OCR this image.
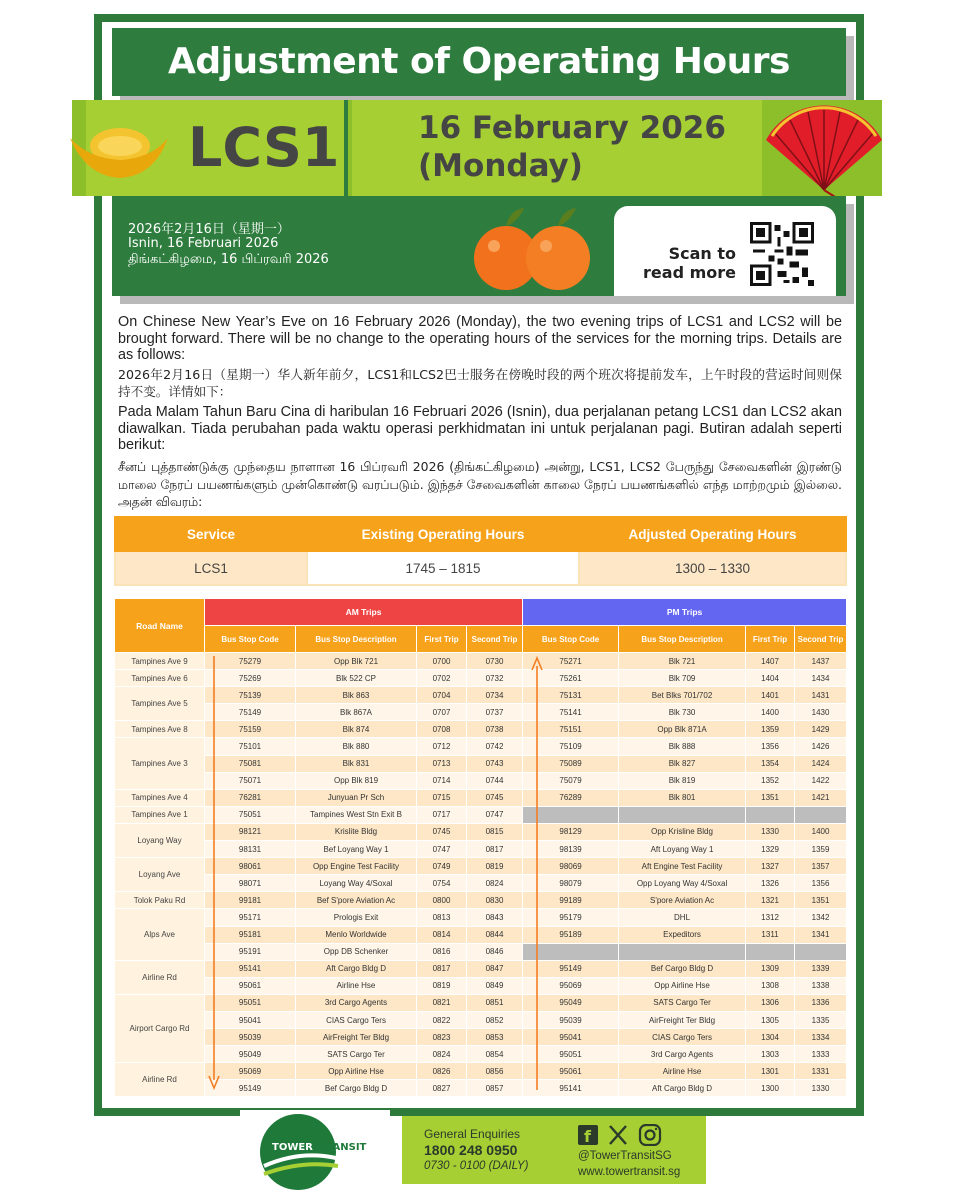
Adjustment of Operating Hours
LCS1	16 February 2026
(Monday)
2026年2月16日（星期一）
Isnin, 16 Februari 2026
திங்கட்கிழமை, 16 பிப்ரவரி 2026	Scan to
read more

On Chinese New Year’s Eve on 16 February 2026 (Monday), the two evening trips of LCS1 and LCS2 will be brought forward. There will be no change to the operating hours of the services for the morning trips. Details are as follows:

2026年2月16日（星期一）华人新年前夕，LCS1和LCS2巴士服务在傍晚时段的两个班次将提前发车，上午时段的营运时间则保持不变。详情如下：

Pada Malam Tahun Baru Cina di haribulan 16 Februari 2026 (Isnin), dua perjalanan petang LCS1 dan LCS2 akan diawalkan. Tiada perubahan pada waktu operasi perkhidmatan ini untuk perjalanan pagi. Butiran adalah seperti berikut:

சீனப் புத்தாண்டுக்கு முந்தைய நாளான 16 பிப்ரவரி 2026 (திங்கட்கிழமை) அன்று, LCS1, LCS2 பேருந்து சேவைகளின் இரண்டு மாலை நேரப் பயணங்களும் முன்கொண்டு வரப்படும். இந்தச் சேவைகளின் காலை நேரப் பயணங்களில் எந்த மாற்றமும் இல்லை. அதன் விவரம்:

Service	Existing Operating Hours	Adjusted Operating Hours
LCS1	1745 – 1815	1300 – 1330
Road Name	AM Trips				PM Trips			
	Bus Stop Code	Bus Stop Description	First Trip	Second Trip	Bus Stop Code	Bus Stop Description	First Trip	Second Trip
Tampines Ave 9	75279	Opp Blk 721	0700	0730	75271	Blk 721	1407	1437
Tampines Ave 6	75269	Blk 522 CP	0702	0732	75261	Blk 709	1404	1434
Tampines Ave 5	75139	Blk 863	0704	0734	75131	Bet Blks 701/702	1401	1431
	75149	Blk 867A	0707	0737	75141	Blk 730	1400	1430
Tampines Ave 8	75159	Blk 874	0708	0738	75151	Opp Blk 871A	1359	1429
Tampines Ave 3	75101	Blk 880	0712	0742	75109	Blk 888	1356	1426
	75081	Blk 831	0713	0743	75089	Blk 827	1354	1424
	75071	Opp Blk 819	0714	0744	75079	Blk 819	1352	1422
Tampines Ave 4	76281	Junyuan Pr Sch	0715	0745	76289	Blk 801	1351	1421
Tampines Ave 1	75051	Tampines West Stn Exit B	0717	0747				
Loyang Way	98121	Krislite Bldg	0745	0815	98129	Opp Krisline Bldg	1330	1400
	98131	Bef Loyang Way 1	0747	0817	98139	Aft Loyang Way 1	1329	1359
Loyang Ave	98061	Opp Engine Test Facility	0749	0819	98069	Aft Engine Test Facility	1327	1357
	98071	Loyang Way 4/Soxal	0754	0824	98079	Opp Loyang Way 4/Soxal	1326	1356
Tolok Paku Rd	99181	Bef S'pore Aviation Ac	0800	0830	99189	S'pore Aviation Ac	1321	1351
Alps Ave	95171	Prologis Exit	0813	0843	95179	DHL	1312	1342
	95181	Menlo Worldwide	0814	0844	95189	Expeditors	1311	1341
	95191	Opp DB Schenker	0816	0846				
Airline Rd	95141	Aft Cargo Bldg D	0817	0847	95149	Bef Cargo Bldg D	1309	1339
	95061	Airline Hse	0819	0849	95069	Opp Airline Hse	1308	1338
Airport Cargo Rd	95051	3rd Cargo Agents	0821	0851	95049	SATS Cargo Ter	1306	1336
	95041	CIAS Cargo Ters	0822	0852	95039	AirFreight Ter Bldg	1305	1335
	95039	AirFreight Ter Bldg	0823	0853	95041	CIAS Cargo Ters	1304	1334
	95049	SATS Cargo Ter	0824	0854	95051	3rd Cargo Agents	1303	1333
Airline Rd	95069	Opp Airline Hse	0826	0856	95061	Airline Hse	1301	1331
	95149	Bef Cargo Bldg D	0827	0857	95141	Aft Cargo Bldg D	1300	1330
TOWER TRANSIT
General Enquiries
1800 248 0950
0730 - 0100 (DAILY)
f
@TowerTransitSG
www.towertransit.sg
